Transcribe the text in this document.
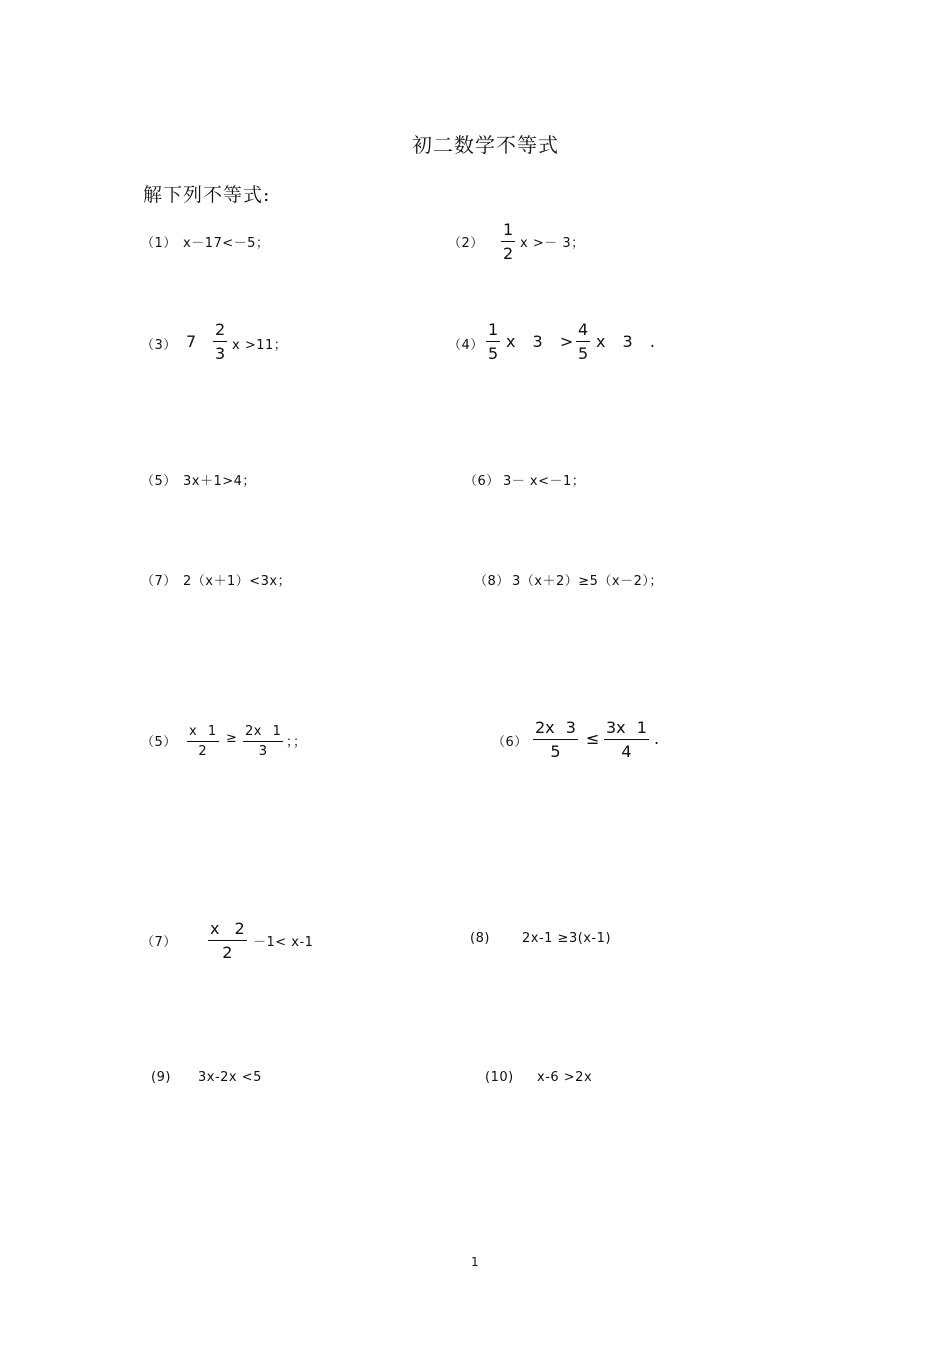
初二数学不等式
解下列不等式:
（1） x－17<－5；	$(2) \frac{1}{2}$ x >－ 3；
（3） $7 \frac{2}{3}$ x >11；	$(4) \frac{1}{5}$ x $3 > \frac{4}{5}$ x 3 .
（5） 3x＋1>4；	（6） 3－ x<－1；
（7） 2（x＋1）<3x；	（8） 3（x＋2）≥5（x－2）；
$(5) \frac{x 1}{2} \ge \frac{2x 1}{3}$ ；；	$(6) \frac{2x 3}{5} \le \frac{3x 1}{4}$ .
$(7) \frac{x 2}{2} -1< x-1$	(8) 2x-1 ≥3(x-1)
(9) 3x-2x <5	(10) x-6 >2x
1
